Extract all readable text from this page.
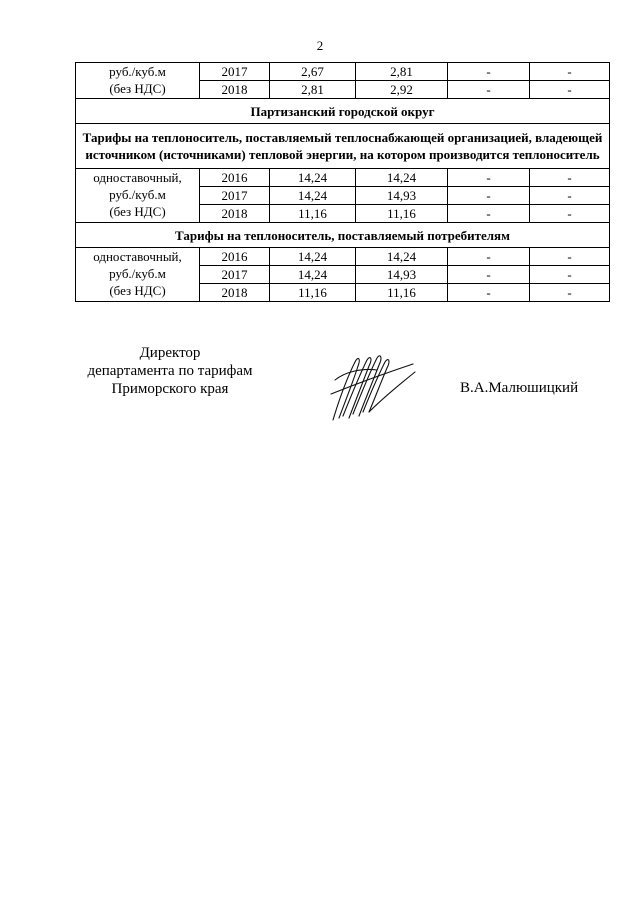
2
руб./куб.м
(без НДС)	2017	2,67	2,81	-	-
	2018	2,81	2,92	-	-
Партизанский городской округ					
Тарифы на теплоноситель, поставляемый теплоснабжающей организацией, владеющей источником (источниками) тепловой энергии, на котором производится теплоноситель					

одноставочный,
руб./куб.м
(без НДС)	2016	14,24	14,24	-	-
	2017	14,24	14,93	-	-
	2018	11,16	11,16	-	-
Тарифы на теплоноситель, поставляемый потребителям					

одноставочный,
руб./куб.м
(без НДС)	2016	14,24	14,24	-	-
	2017	14,24	14,93	-	-
	2018	11,16	11,16	-	-
Директор
департамента по тарифам
Приморского края	В.А.Малюшицкий
